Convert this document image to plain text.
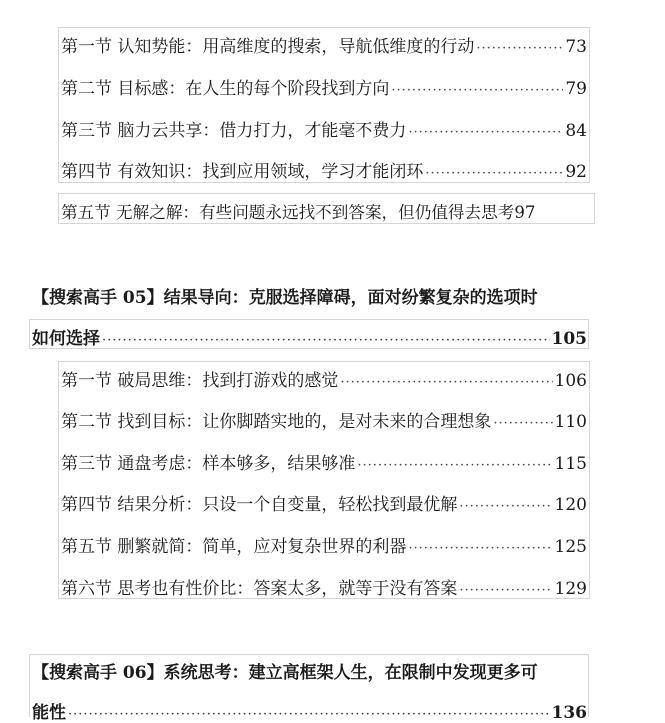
第一节 认知势能：用高维度的搜索，导航低维度的行动 ·····	73
第二节 目标感：在人生的每个阶段找到方向 ·····	79
第三节 脑力云共享：借力打力，才能毫不费力 ·····	84
第四节 有效知识：找到应用领域，学习才能闭环 ·····	92
第五节 无解之解：有些问题永远找不到答案，但仍值得去思考 97
【搜索高手 05】结果导向：克服选择障碍，面对纷繁复杂的选项时
如何选择 ·····	105
第一节 破局思维：找到打游戏的感觉 ·····	106
第二节 找到目标：让你脚踏实地的，是对未来的合理想象 ·····	110
第三节 通盘考虑：样本够多，结果够准 ·····	115
第四节 结果分析：只设一个自变量，轻松找到最优解 ·····	120
第五节 删繁就简：简单，应对复杂世界的利器 ·····	125
第六节 思考也有性价比：答案太多，就等于没有答案 ·····	129
【搜索高手 06】系统思考：建立高框架人生，在限制中发现更多可
能性 ·····	136
